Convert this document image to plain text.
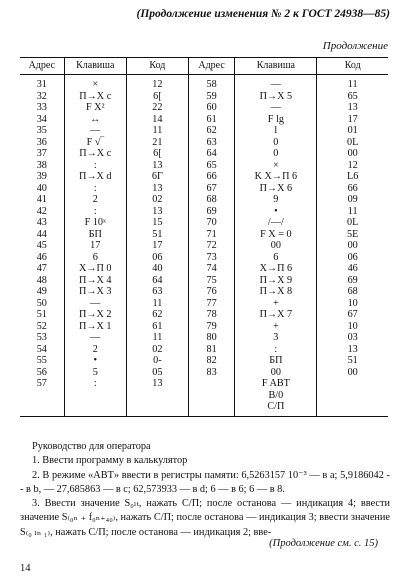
(Продолжение изменения № 2 к ГОСТ 24938—85)
Продолжение
Адрес	Клавиша	Код	Адрес	Клавиша	Код
31	×	12	58	—	11
32	П→X c	6[	59	П→X 5	65
33	F X²	22	60	—	13
34	↔	14	61	F lg	17
35	—	11	62	l	01
36	F √‾	21	63	0	0L
37	П→X c	6[	64	0	00
38	:	13	65	×	12
39	П→X d	6Г	66	K X→П 6	L6
40	:	13	67	П→X 6	66
41	2	02	68	9	09
42	:	13	69	•	11
43	F 10ˣ	15	70	/—/	0L
44	БП	51	71	F X = 0	5E
45	17	17	72	00	00
46	6	06	73	6	06
47	X→П 0	40	74	X→П 6	46
48	П→X 4	64	75	П→X 9	69
49	П→X 3	63	76	П→X 8	68
50	—	11	77	+	10
51	П→X 2	62	78	П→X 7	67
52	П→X 1	61	79	+	10
53	—	11	80	3	03
54	2	02	81	:	13
55	•	0-	82	БП	51
56	5	05	83	00	00
57	:	13		F ABT	
				B/0	
				С/П	

Руководство для оператора

1. Ввести программу в калькулятор

2. В режиме «ABT» ввести в регистры памяти: 6,5263157 10⁻³ — в a; 5,9186042 -- в b, — 27,685863 — в c; 62,573933 — в d; 6 — в 6; 6 — в 8.

3. Ввести значение S₀ₗₜ, нажать С/П; после останова — индикация 4; ввести значение S₍₀ₙ ₊ f₀ₙ₊₄₀₎, нажать С/П; после останова — индикация 3; ввести значение S₍₀ ₗₙ ₁₎, нажать С/П; после останова — индикация 2; вве-

(Продолжение см. с. 15)
14
